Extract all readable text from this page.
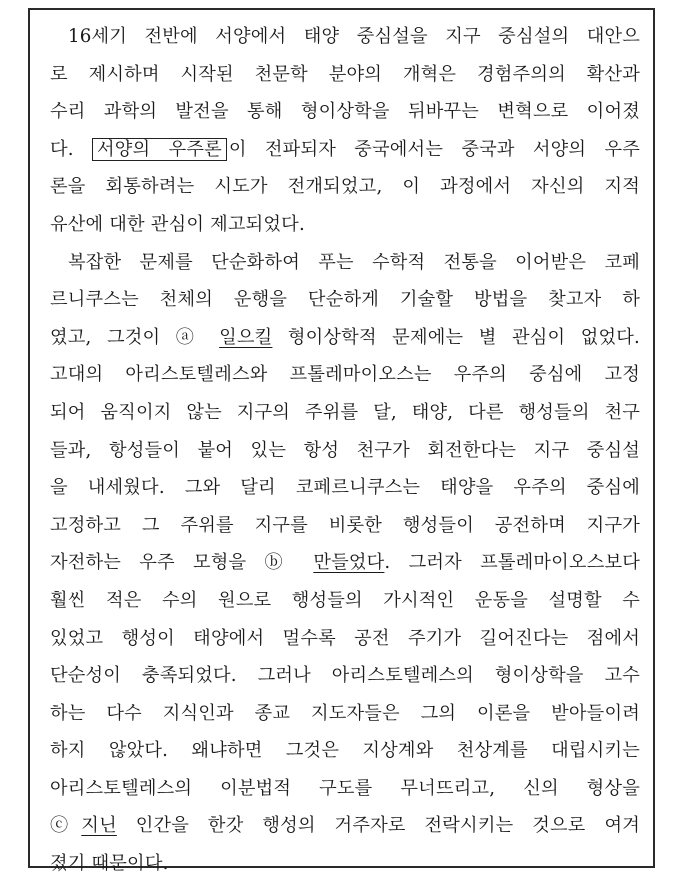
16세기 전반에 서양에서 태양 중심설을 지구 중심설의 대안으
로 제시하며 시작된 천문학 분야의 개혁은 경험주의의 확산과
수리 과학의 발전을 통해 형이상학을 뒤바꾸는 변혁으로 이어졌
다. 서양의 우주론 이 전파되자 중국에서는 중국과 서양의 우주
론을 회통하려는 시도가 전개되었고, 이 과정에서 자신의 지적
유산에 대한 관심이 제고되었다.
복잡한 문제를 단순화하여 푸는 수학적 전통을 이어받은 코페
르니쿠스는 천체의 운행을 단순하게 기술할 방법을 찾고자 하
였고, 그것이 ⓐ 일으킬 형이상학적 문제에는 별 관심이 없었다.
고대의 아리스토텔레스와 프톨레마이오스는 우주의 중심에 고정
되어 움직이지 않는 지구의 주위를 달, 태양, 다른 행성들의 천구
들과, 항성들이 붙어 있는 항성 천구가 회전한다는 지구 중심설
을 내세웠다. 그와 달리 코페르니쿠스는 태양을 우주의 중심에
고정하고 그 주위를 지구를 비롯한 행성들이 공전하며 지구가
자전하는 우주 모형을 ⓑ 만들었다. 그러자 프톨레마이오스보다
훨씬 적은 수의 원으로 행성들의 가시적인 운동을 설명할 수
있었고 행성이 태양에서 멀수록 공전 주기가 길어진다는 점에서
단순성이 충족되었다. 그러나 아리스토텔레스의 형이상학을 고수
하는 다수 지식인과 종교 지도자들은 그의 이론을 받아들이려
하지 않았다. 왜냐하면 그것은 지상계와 천상계를 대립시키는
아리스토텔레스의 이분법적 구도를 무너뜨리고, 신의 형상을
ⓒ지닌 인간을 한갓 행성의 거주자로 전락시키는 것으로 여겨
졌기 때문이다.
